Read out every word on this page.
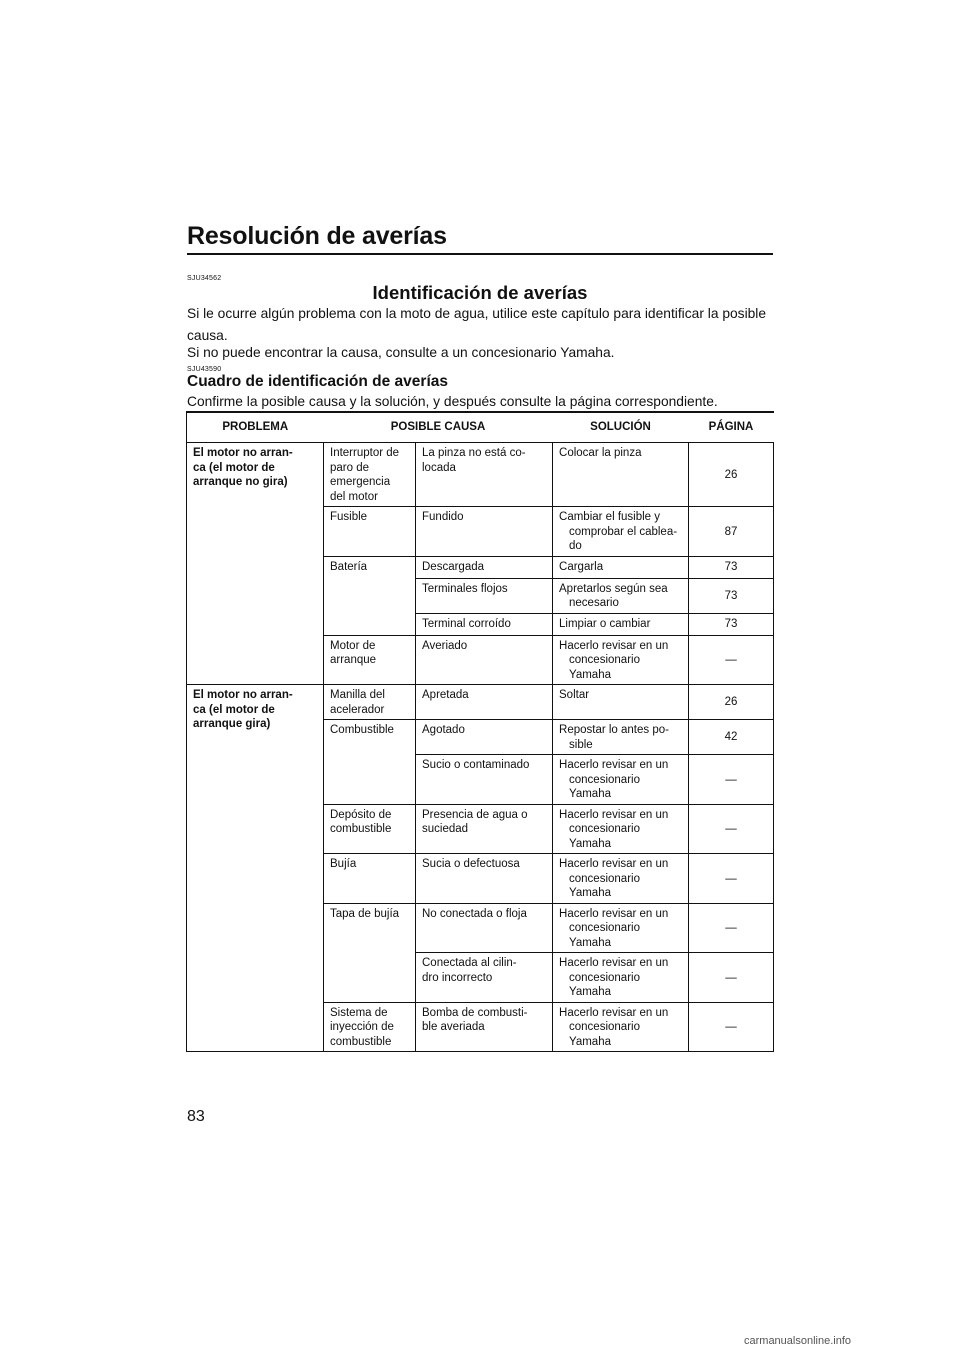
Resolución de averías
SJU34562
Identificación de averías
Si le ocurre algún problema con la moto de agua, utilice este capítulo para identificar la posible causa.
Si no puede encontrar la causa, consulte a un concesionario Yamaha.
SJU43590
Cuadro de identificación de averías
Confirme la posible causa y la solución, y después consulte la página correspondiente.
PROBLEMA	POSIBLE CAUSA		SOLUCIÓN	PÁGINA

El motor no arran-
ca (el motor de
arranque no gira)	Interruptor de
paro de
emergencia
del motor	La pinza no está co-
locada	Colocar la pinza	26

	Fusible	Fundido	Cambiar el fusible y
comprobar el cablea-
do	87

	Batería	Descargada	Cargarla	73

		Terminales flojos	Apretarlos según sea
necesario	73

		Terminal corroído	Limpiar o cambiar	73

	Motor de
arranque	Averiado	Hacerlo revisar en un
concesionario
Yamaha	—

El motor no arran-
ca (el motor de
arranque gira)	Manilla del
acelerador	Apretada	Soltar	26

	Combustible	Agotado	Repostar lo antes po-
sible	42

		Sucio o contaminado	Hacerlo revisar en un
concesionario
Yamaha	—

	Depósito de
combustible	Presencia de agua o
suciedad	Hacerlo revisar en un
concesionario
Yamaha	—

	Bujía	Sucia o defectuosa	Hacerlo revisar en un
concesionario
Yamaha	—

	Tapa de bujía	No conectada o floja	Hacerlo revisar en un
concesionario
Yamaha	—

		Conectada al cilin-
dro incorrecto	Hacerlo revisar en un
concesionario
Yamaha	—

	Sistema de
inyección de
combustible	Bomba de combusti-
ble averiada	Hacerlo revisar en un
concesionario
Yamaha	—
83
carmanualsonline.info
